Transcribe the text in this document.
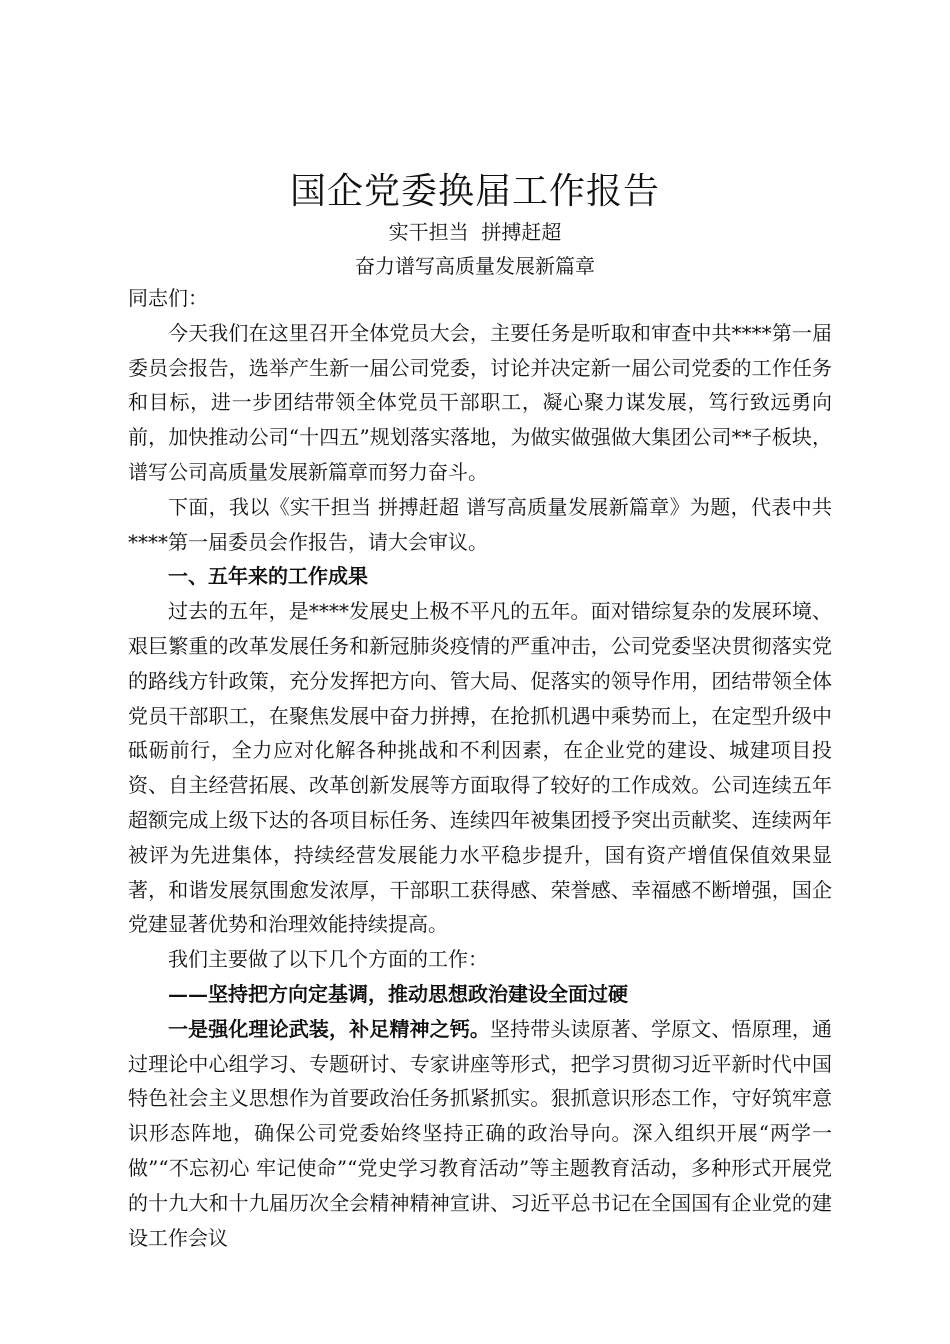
国企党委换届工作报告
实干担当  拼搏赶超
奋力谱写高质量发展新篇章

同志们：

今天我们在这里召开全体党员大会，主要任务是听取和审查中共****第一届委员会报告，选举产生新一届公司党委，讨论并决定新一届公司党委的工作任务和目标，进一步团结带领全体党员干部职工，凝心聚力谋发展，笃行致远勇向前，加快推动公司“十四五”规划落实落地，为做实做强做大集团公司**子板块，谱写公司高质量发展新篇章而努力奋斗。

下面，我以《实干担当 拼搏赶超 谱写高质量发展新篇章》为题，代表中共****第一届委员会作报告，请大会审议。

一、五年来的工作成果

过去的五年，是****发展史上极不平凡的五年。面对错综复杂的发展环境、艰巨繁重的改革发展任务和新冠肺炎疫情的严重冲击，公司党委坚决贯彻落实党的路线方针政策，充分发挥把方向、管大局、促落实的领导作用，团结带领全体党员干部职工，在聚焦发展中奋力拼搏，在抢抓机遇中乘势而上，在定型升级中砥砺前行，全力应对化解各种挑战和不利因素，在企业党的建设、城建项目投资、自主经营拓展、改革创新发展等方面取得了较好的工作成效。公司连续五年超额完成上级下达的各项目标任务、连续四年被集团授予突出贡献奖、连续两年被评为先进集体，持续经营发展能力水平稳步提升，国有资产增值保值效果显著，和谐发展氛围愈发浓厚，干部职工获得感、荣誉感、幸福感不断增强，国企党建显著优势和治理效能持续提高。

我们主要做了以下几个方面的工作：

——坚持把方向定基调，推动思想政治建设全面过硬

一是强化理论武装，补足精神之钙。坚持带头读原著、学原文、悟原理，通过理论中心组学习、专题研讨、专家讲座等形式，把学习贯彻习近平新时代中国特色社会主义思想作为首要政治任务抓紧抓实。狠抓意识形态工作，守好筑牢意识形态阵地，确保公司党委始终坚持正确的政治导向。深入组织开展“两学一做”“不忘初心 牢记使命”“党史学习教育活动”等主题教育活动，多种形式开展党的十九大和十九届历次全会精神精神宣讲、习近平总书记在全国国有企业党的建设工作会议
